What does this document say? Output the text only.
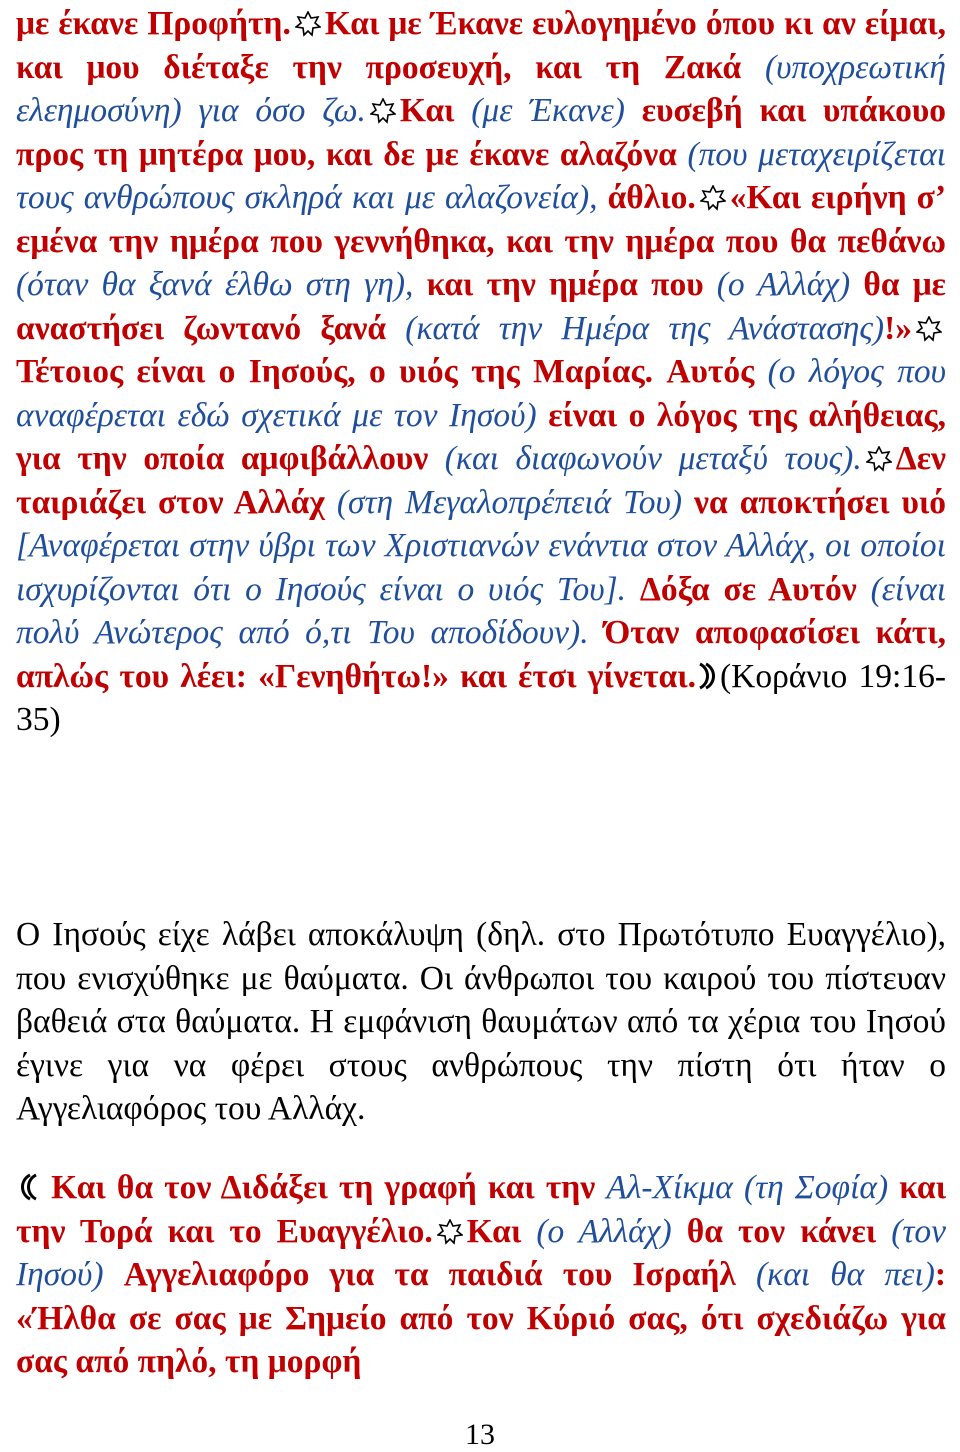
με έκανε Προφήτη. Και με Έκανε ευλογημένο όπου κι αν είμαι, και μου διέταξε την προσευχή, και τη Ζακά (υποχρεωτική ελεημοσύνη) για όσο ζω. Και (με Έκανε) ευσεβή και υπάκουο προς τη μητέρα μου, και δε με έκανε αλαζόνα (που μεταχειρίζεται τους ανθρώπους σκληρά και με αλαζονεία), άθλιο. «Και ειρήνη σ’ εμένα την ημέρα που γεννήθηκα, και την ημέρα που θα πεθάνω (όταν θα ξανά έλθω στη γη), και την ημέρα που (ο Αλλάχ) θα με αναστήσει ζωντανό ξανά (κατά την Ημέρα της Ανάστασης)!»Τέτοιος είναι ο Ιησούς, ο υιός της Μαρίας. Αυτός (ο λόγος που αναφέρεται εδώ σχετικά με τον Ιησού) είναι ο λόγος της αλήθειας, για την οποία αμφιβάλλουν (και διαφωνούν μεταξύ τους). Δεν ταιριάζει στον Αλλάχ (στη Μεγαλοπρέπειά Του) να αποκτήσει υιό [Αναφέρεται στην ύβρι των Χριστιανών ενάντια στον Αλλάχ, οι οποίοι ισχυρίζονται ότι ο Ιησούς είναι ο υιός Του]. Δόξα σε Αυτόν (είναι πολύ Ανώτερος από ό,τι Του αποδίδουν). Όταν αποφασίσει κάτι, απλώς του λέει: «Γενηθήτω!» και έτσι γίνεται. (Κοράνιο 19:16-35)

Ο Ιησούς είχε λάβει αποκάλυψη (δηλ. στο Πρωτότυπο Ευαγγέλιο), που ενισχύθηκε με θαύματα. Οι άνθρωποι του καιρού του πίστευαν βαθειά στα θαύματα. Η εμφάνιση θαυμάτων από τα χέρια του Ιησού έγινε για να φέρει στους ανθρώπους την πίστη ότι ήταν ο Αγγελιαφόρος του Αλλάχ.

Και θα τον Διδάξει τη γραφή και την Αλ-Χίκμα (τη Σοφία) και την Τορά και το Ευαγγέλιο. Και (ο Αλλάχ) θα τον κάνει (τον Ιησού) Αγγελιαφόρο για τα παιδιά του Ισραήλ (και θα πει): «Ήλθα σε σας με Σημείο από τον Κύριό σας, ότι σχεδιάζω για σας από πηλό, τη μορφή

13
